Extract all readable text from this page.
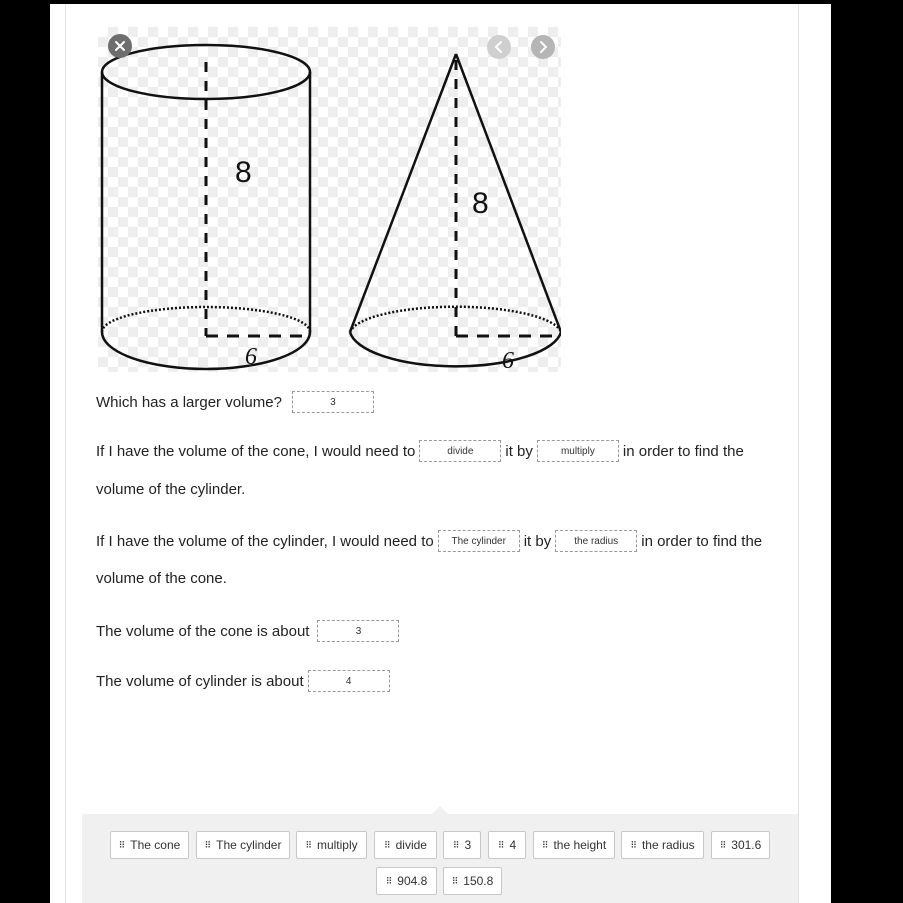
8
6
8
6
Which has a larger volume?	3
If I have the volume of the cone, I would need to	divide	it by	multiply	in order to find the
volume of the cylinder.
If I have the volume of the cylinder, I would need to	The cylinder	it by	the radius	in order to find the
volume of the cone.
The volume of the cone is about	3
The volume of cylinder is about	4
⠿ The cone	⠿ The cylinder	⠿ multiply	⠿ divide	⠿ 3	⠿ 4	⠿ the height	⠿ the radius	⠿ 301.6
⠿ 904.8	⠿ 150.8
